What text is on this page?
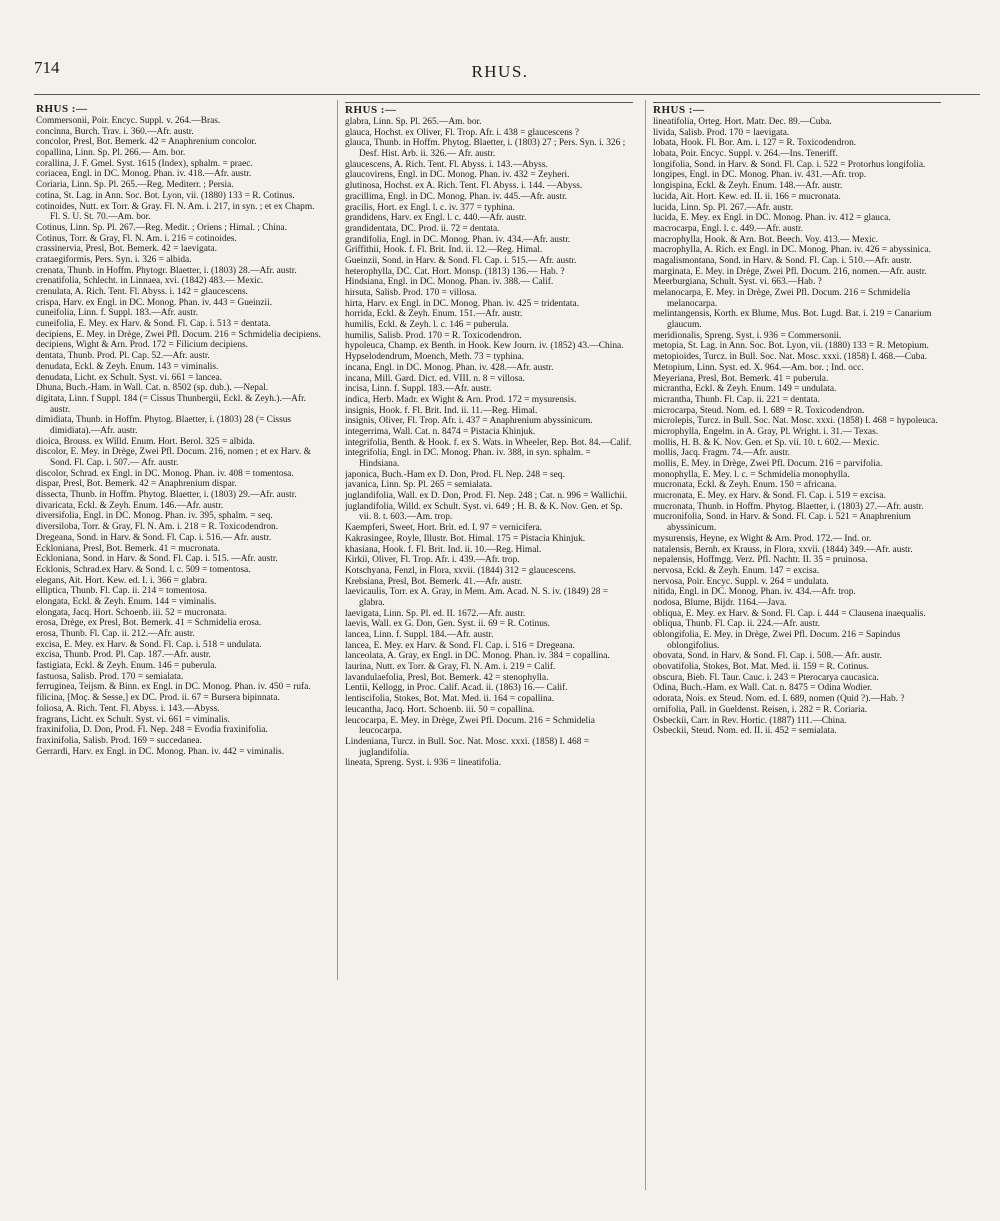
714	RHUS.
RHUS :—

Commersonii, Poir. Encyc. Suppl. v. 264.—Bras.

concinna, Burch. Trav. i. 360.—Afr. austr.

concolor, Presl, Bot. Bemerk. 42 = Anaphrenium concolor.

copallina, Linn. Sp. Pl. 266.— Am. bor.

corallina, J. F. Gmel. Syst. 1615 (Index), sphalm. = praec.

coriacea, Engl. in DC. Monog. Phan. iv. 418.—Afr. austr.

Coriaria, Linn. Sp. Pl. 265.—Reg. Mediterr. ; Persia.

cotina, St. Lag. in Ann. Soc. Bot. Lyon, vii. (1880) 133 = R. Cotinus.

cotinoides, Nutt. ex Torr. & Gray. Fl. N. Am. i. 217, in syn. ; et ex Chapm. Fl. S. U. St. 70.—Am. bor.

Cotinus, Linn. Sp. Pl. 267.—Reg. Medit. ; Oriens ; Himal. ; China.

Cotinus, Torr. & Gray, Fl. N. Am. i. 216 = cotinoides.

crassinervia, Presl, Bot. Bemerk. 42 = laevigata.

crataegiformis, Pers. Syn. i. 326 = albida.

crenata, Thunb. in Hoffm. Phytogr. Blaetter, i. (1803) 28.—Afr. austr.

crenatifolia, Schlecht. in Linnaea, xvi. (1842) 483.— Mexic.

crenulata, A. Rich. Tent. Fl. Abyss. i. 142 = glaucescens.

crispa, Harv. ex Engl. in DC. Monog. Phan. iv. 443 = Gueinzii.

cuneifolia, Linn. f. Suppl. 183.—Afr. austr.

cuneifolia, E. Mey. ex Harv. & Sond. Fl. Cap. i. 513 = dentata.

decipiens, E. Mey. in Drège, Zwei Pfl. Docum. 216 = Schmidelia decipiens.

decipiens, Wight & Arn. Prod. 172 = Filicium decipiens.

dentata, Thunb. Prod. Pl. Cap. 52.—Afr. austr.

denudata, Eckl. & Zeyh. Enum. 143 = viminalis.

denudata, Licht. ex Schult. Syst. vi. 661 = lancea.

Dhuna, Buch.-Ham. in Wall. Cat. n. 8502 (sp. dub.). —Nepal.

digitata, Linn. f Suppl. 184 (= Cissus Thunbergii, Eckl. & Zeyh.).—Afr. austr.

dimidiata, Thunb. in Hoffm. Phytog. Blaetter, i. (1803) 28 (= Cissus dimidiata).—Afr. austr.

dioica, Brouss. ex Willd. Enum. Hort. Berol. 325 = albida.

discolor, E. Mey. in Drège, Zwei Pfl. Docum. 216, nomen ; et ex Harv. & Sond. Fl. Cap. i. 507.— Afr. austr.

discolor, Schrad. ex Engl. in DC. Monog. Phan. iv. 408 = tomentosa.

dispar, Presl, Bot. Bemerk. 42 = Anaphrenium dispar.

dissecta, Thunb. in Hoffm. Phytog. Blaetter, i. (1803) 29.—Afr. austr.

divaricata, Eckl. & Zeyh. Enum. 146.—Afr. austr.

diversifolia, Engl. in DC. Monog. Phan. iv. 395, sphalm. = seq.

diversiloba, Torr. & Gray, Fl. N. Am. i. 218 = R. Toxicodendron.

Dregeana, Sond. in Harv. & Sond. Fl. Cap. i. 516.— Afr. austr.

Eckloniana, Presl, Bot. Bemerk. 41 = mucronata.

Eckloniana, Sond. in Harv. & Sond. Fl. Cap. i. 515. —Afr. austr.

Ecklonis, Schrad.ex Harv. & Sond. l. c. 509 = tomentosa.

elegans, Ait. Hort. Kew. ed. I. i. 366 = glabra.

elliptica, Thunb. Fl. Cap. ii. 214 = tomentosa.

elongata, Eckl. & Zeyh. Enum. 144 = viminalis.

elongata, Jacq. Hort. Schoenb. iii. 52 = mucronata.

erosa, Drège, ex Presl, Bot. Bemerk. 41 = Schmidelia erosa.

erosa, Thunb. Fl. Cap. ii. 212.—Afr. austr.

excisa, E. Mey. ex Harv. & Sond. Fl. Cap. i. 518 = undulata.

excisa, Thunb. Prod. Pl. Cap. 187.—Afr. austr.

fastigiata, Eckl. & Zeyh. Enum. 146 = puberula.

fastuosa, Salisb. Prod. 170 = semialata.

ferruginea, Teijsm. & Binn. ex Engl. in DC. Monog. Phan. iv. 450 = rufa.

filicina, [Moç. & Sesse,] ex DC. Prod. ii. 67 = Bursera bipinnata.

foliosa, A. Rich. Tent. Fl. Abyss. i. 143.—Abyss.

fragrans, Licht. ex Schult. Syst. vi. 661 = viminalis.

fraxinifolia, D. Don, Prod. Fl. Nep. 248 = Evodia fraxinifolia.

fraxinifolia, Salisb. Prod. 169 = succedanea.

Gerrardi, Harv. ex Engl. in DC. Monog. Phan. iv. 442 = viminalis.

RHUS :—

glabra, Linn. Sp. Pl. 265.—Am. bor.

glauca, Hochst. ex Oliver, Fl. Trop. Afr. i. 438 = glaucescens ?

glauca, Thunb. in Hoffm. Phytog. Blaetter, i. (1803) 27 ; Pers. Syn. i. 326 ; Desf. Hist. Arb. ii. 326.— Afr. austr.

glaucescens, A. Rich. Tent. Fl. Abyss. i. 143.—Abyss.

glaucovirens, Engl. in DC. Monog. Phan. iv. 432 = Zeyheri.

glutinosa, Hochst. ex A. Rich. Tent. Fl. Abyss. i. 144. —Abyss.

gracillima, Engl. in DC. Monog. Phan. iv. 445.—Afr. austr.

gracilis, Hort. ex Engl. l. c. iv. 377 = typhina.

grandidens, Harv. ex Engl. l. c. 440.—Afr. austr.

grandidentata, DC. Prod. ii. 72 = dentata.

grandifolia, Engl. in DC. Monog. Phan. iv. 434.—Afr. austr.

Griffithii, Hook. f. Fl. Brit. Ind. ii. 12.—Reg. Himal.

Gueinzii, Sond. in Harv. & Sond. Fl. Cap. i. 515.— Afr. austr.

heterophylla, DC. Cat. Hort. Monsp. (1813) 136.— Hab. ?

Hindsiana, Engl. in DC. Monog. Phan. iv. 388.— Calif.

hirsuta, Salisb. Prod. 170 = villosa.

hirta, Harv. ex Engl. in DC. Monog. Phan. iv. 425 = tridentata.

horrida, Eckl. & Zeyh. Enum. 151.—Afr. austr.

humilis, Eckl. & Zeyh. l. c. 146 = puberula.

humilis, Salisb. Prod. 170 = R. Toxicodendron.

hypoleuca, Champ. ex Benth. in Hook. Kew Journ. iv. (1852) 43.—China.

Hypselodendrum, Moench, Meth. 73 = typhina.

incana, Engl. in DC. Monog. Phan. iv. 428.—Afr. austr.

incana, Mill. Gard. Dict. ed. VIII. n. 8 = villosa.

incisa, Linn. f. Suppl. 183.—Afr. austr.

indica, Herb. Madr. ex Wight & Arn. Prod. 172 = mysurensis.

insignis, Hook. f. Fl. Brit. Ind. ii. 11.—Reg. Himal.

insignis, Oliver, Fl. Trop. Afr. i. 437 = Anaphrenium abyssinicum.

integerrima, Wall. Cat. n. 8474 = Pistacia Khinjuk.

integrifolia, Benth. & Hook. f. ex S. Wats. in Wheeler, Rep. Bot. 84.—Calif.

integrifolia, Engl. in DC. Monog. Phan. iv. 388, in syn. sphalm. = Hindsiana.

japonica, Buch.-Ham ex D. Don, Prod. Fl. Nep. 248 = seq.

javanica, Linn. Sp. Pl. 265 = semialata.

juglandifolia, Wall. ex D. Don, Prod. Fl. Nep. 248 ; Cat. n. 996 = Wallichii.

juglandifolia, Willd. ex Schult. Syst. vi. 649 ; H. B. & K. Nov. Gen. et Sp. vii. 8. t. 603.—Am. trop.

Kaempferi, Sweet, Hort. Brit. ed. I. 97 = vernicifera.

Kakrasingee, Royle, Illustr. Bot. Himal. 175 = Pistacia Khinjuk.

khasiana, Hook. f. Fl. Brit. Ind. ii. 10.—Reg. Himal.

Kirkii, Oliver, Fl. Trop. Afr. i. 439.—Afr. trop.

Kotschyana, Fenzl, in Flora, xxvii. (1844) 312 = glaucescens.

Krebsiana, Presl, Bot. Bemerk. 41.—Afr. austr.

laevicaulis, Torr. ex A. Gray, in Mem. Am. Acad. N. S. iv. (1849) 28 = glabra.

laevigata, Linn. Sp. Pl. ed. II. 1672.—Afr. austr.

laevis, Wall. ex G. Don, Gen. Syst. ii. 69 = R. Cotinus.

lancea, Linn. f. Suppl. 184.—Afr. austr.

lancea, E. Mey. ex Harv. & Sond. Fl. Cap. i. 516 = Dregeana.

lanceolata, A. Gray, ex Engl. in DC. Monog. Phan. iv. 384 = copallina.

laurina, Nutt. ex Torr. & Gray, Fl. N. Am. i. 219 = Calif.

lavandulaefolia, Presl, Bot. Bemerk. 42 = stenophylla.

Lentii, Kellogg, in Proc. Calif. Acad. ii. (1863) 16.— Calif.

lentiscifolia, Stokes, Bot. Mat. Med. ii. 164 = copallina.

leucantha, Jacq. Hort. Schoenb. iii. 50 = copallina.

leucocarpa, E. Mey. in Drège, Zwei Pfl. Docum. 216 = Schmidelia leucocarpa.

Lindeniana, Turcz. in Bull. Soc. Nat. Mosc. xxxi. (1858) I. 468 = juglandifolia.

lineata, Spreng. Syst. i. 936 = lineatifolia.

RHUS :—

lineatifolia, Orteg. Hort. Matr. Dec. 89.—Cuba.

livida, Salisb. Prod. 170 = laevigata.

lobata, Hook. Fl. Bor. Am. i. 127 = R. Toxicodendron.

lobata, Poir. Encyc. Suppl. v. 264.—Ins. Teneriff.

longifolia, Sond. in Harv. & Sond. Fl. Cap. i. 522 = Protorhus longifolia.

longipes, Engl. in DC. Monog. Phan. iv. 431.—Afr. trop.

longispina, Eckl. & Zeyh. Enum. 148.—Afr. austr.

lucida, Ait. Hort. Kew. ed. II. ii. 166 = mucronata.

lucida, Linn. Sp. Pl. 267.—Afr. austr.

lucida, E. Mey. ex Engl. in DC. Monog. Phan. iv. 412 = glauca.

macrocarpa, Engl. l. c. 449.—Afr. austr.

macrophylla, Hook. & Arn. Bot. Beech. Voy. 413.— Mexic.

macrophylla, A. Rich. ex Engl. in DC. Monog. Phan. iv. 426 = abyssinica.

magalismontana, Sond. in Harv. & Sond. Fl. Cap. i. 510.—Afr. austr.

marginata, E. Mey. in Drège, Zwei Pfl. Docum. 216, nomen.—Afr. austr.

Meerburgiana, Schult. Syst. vi. 663.—Hab. ?

melanocarpa, E. Mey. in Drège, Zwei Pfl. Docum. 216 = Schmidelia melanocarpa.

melintangensis, Korth. ex Blume, Mus. Bot. Lugd. Bat. i. 219 = Canarium glaucum.

meridionalis, Spreng. Syst. i. 936 = Commersonii.

metopia, St. Lag. in Ann. Soc. Bot. Lyon, vii. (1880) 133 = R. Metopium.

metopioides, Turcz. in Bull. Soc. Nat. Mosc. xxxi. (1858) I. 468.—Cuba.

Metopium, Linn. Syst. ed. X. 964.—Am. bor. ; Ind. occ.

Meyeriana, Presl, Bot. Bemerk. 41 = puberula.

micrantha, Eckl. & Zeyh. Enum. 149 = undulata.

micrantha, Thunb. Fl. Cap. ii. 221 = dentata.

microcarpa, Steud. Nom. ed. I. 689 = R. Toxicodendron.

microlepis, Turcz. in Bull. Soc. Nat. Mosc. xxxi. (1858) I. 468 = hypoleuca.

microphylla, Engelm. in A. Gray, Pl. Wright. i. 31.— Texas.

mollis, H. B. & K. Nov. Gen. et Sp. vii. 10. t. 602.— Mexic.

mollis, Jacq. Fragm. 74.—Afr. austr.

mollis, E. Mey. in Drège, Zwei Pfl. Docum. 216 = parvifolia.

monophylla, E. Mey. l. c. = Schmidelia monophylla.

mucronata, Eckl. & Zeyh. Enum. 150 = africana.

mucronata, E. Mey. ex Harv. & Sond. Fl. Cap. i. 519 = excisa.

mucronata, Thunb. in Hoffm. Phytog. Blaetter, i. (1803) 27.—Afr. austr.

mucronifolia, Sond. in Harv. & Sond. Fl. Cap. i. 521 = Anaphrenium abyssinicum.

mysurensis, Heyne, ex Wight & Arn. Prod. 172.— Ind. or.

natalensis, Bernh. ex Krauss, in Flora, xxvii. (1844) 349.—Afr. austr.

nepalensis, Hoffmgg. Verz. Pfl. Nachtr. II. 35 = pruinosa.

nervosa, Eckl. & Zeyh. Enum. 147 = excisa.

nervosa, Poir. Encyc. Suppl. v. 264 = undulata.

nitida, Engl. in DC. Monog. Phan. iv. 434.—Afr. trop.

nodosa, Blume, Bijdr. 1164.—Java.

obliqua, E. Mey. ex Harv. & Sond. Fl. Cap. i. 444 = Clausena inaequalis.

obliqua, Thunb. Fl. Cap. ii. 224.—Afr. austr.

oblongifolia, E. Mey. in Drège, Zwei Pfl. Docum. 216 = Sapindus oblongifolius.

obovata, Sond. in Harv. & Sond. Fl. Cap. i. 508.— Afr. austr.

obovatifolia, Stokes, Bot. Mat. Med. ii. 159 = R. Cotinus.

obscura, Bieb. Fl. Taur. Cauc. i. 243 = Pterocarya caucasica.

Odina, Buch.-Ham. ex Wall. Cat. n. 8475 = Odina Wodier.

odorata, Nois. ex Steud. Nom. ed. I. 689, nomen (Quid ?).—Hab. ?

ornifolia, Pall. in Gueldenst. Reisen, i. 282 = R. Coriaria.

Osbeckii, Carr. in Rev. Hortic. (1887) 111.—China.

Osbeckii, Steud. Nom. ed. II. ii. 452 = semialata.
